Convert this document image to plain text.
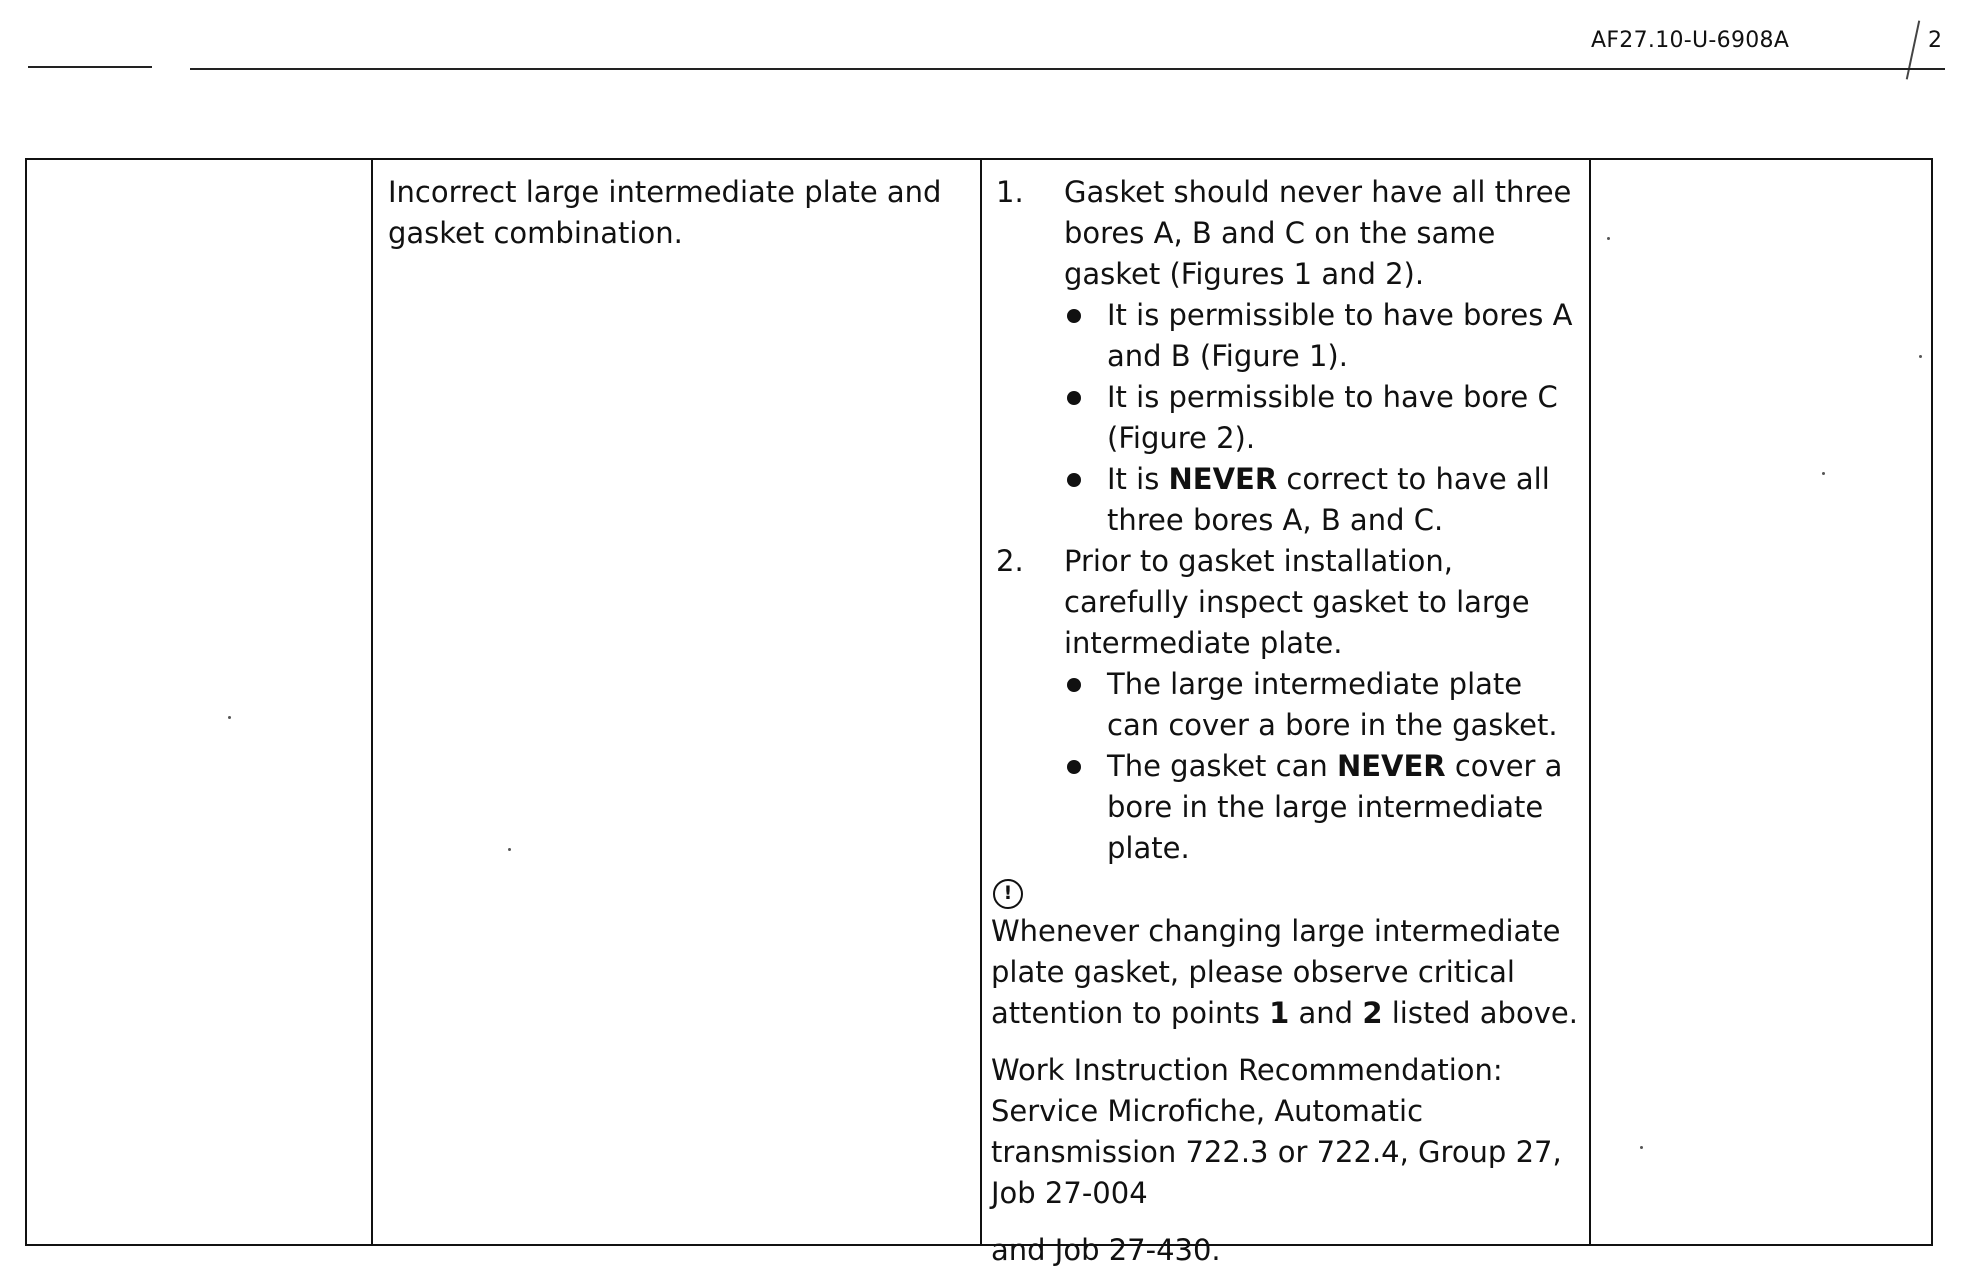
AF27.10-U-6908A	2
Incorrect large intermediate plate and gasket combination.
1. Gasket should never have all three bores A, B and C on the same gasket (Figures 1 and 2).
It is permissible to have bores A and B (Figure 1).
It is permissible to have bore C (Figure 2).
It is NEVER correct to have all three bores A, B and C.
2. Prior to gasket installation, carefully inspect gasket to large intermediate plate.
The large intermediate plate can cover a bore in the gasket.
The gasket can NEVER cover a bore in the large intermediate plate.
!

Whenever changing large intermediate plate gasket, please observe critical attention to points 1 and 2 listed above.

Work Instruction Recommendation:

Service Microfiche, Automatic transmission 722.3 or 722.4, Group 27, Job 27-004

and Job 27-430.
